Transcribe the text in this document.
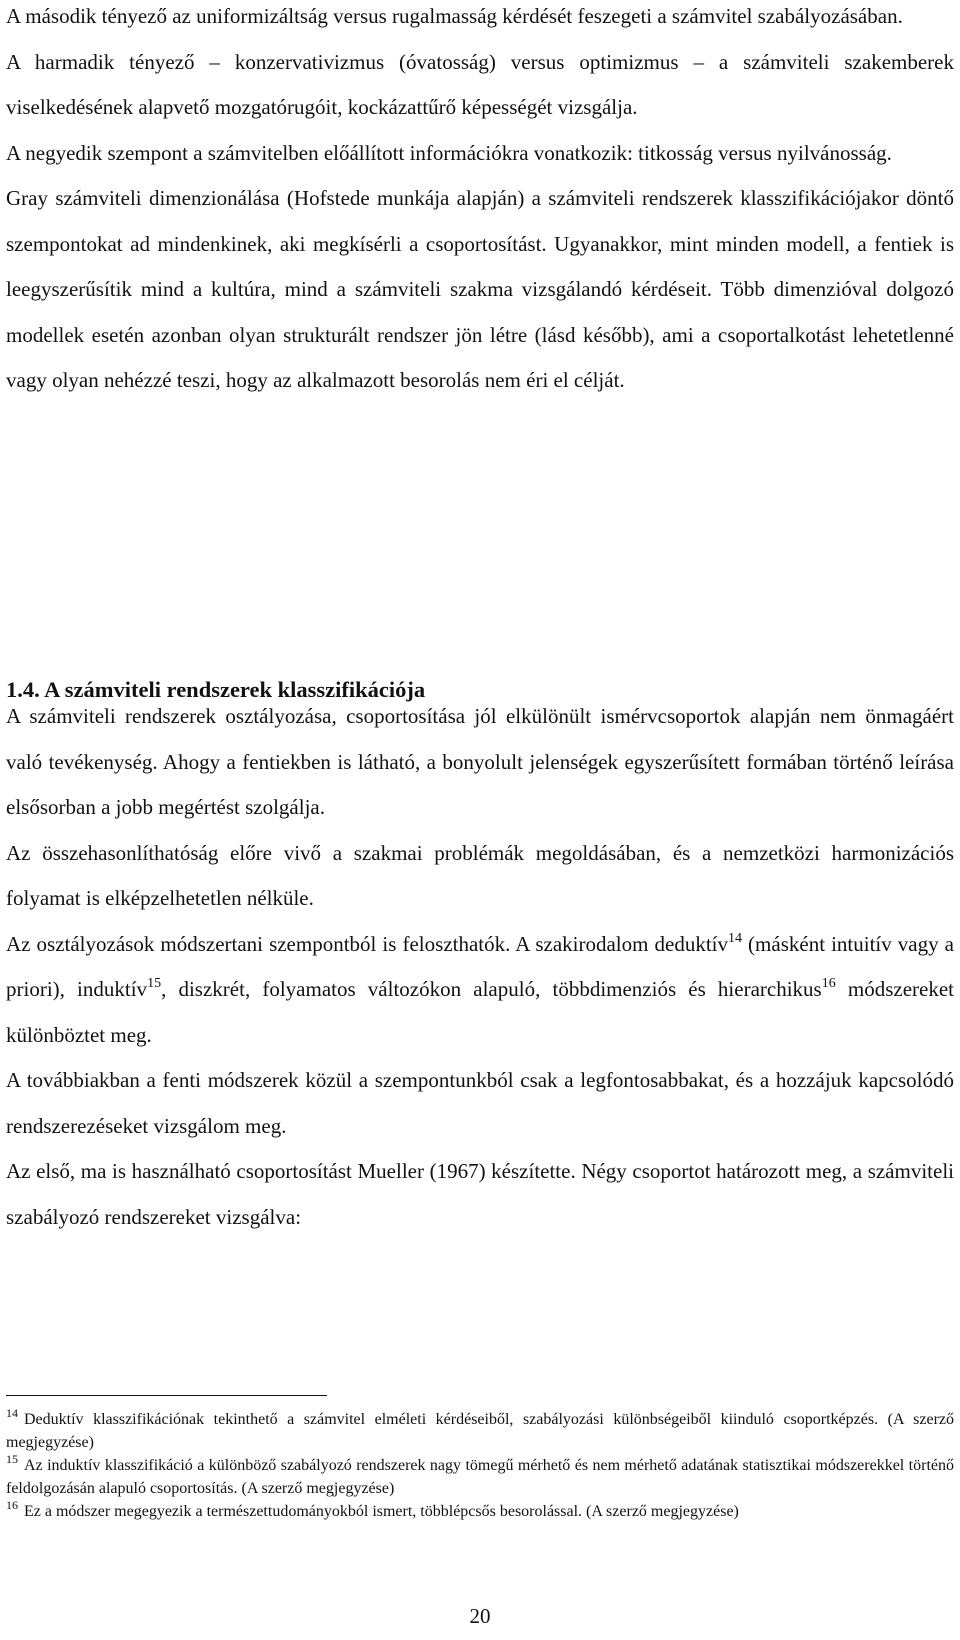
A második tényező az uniformizáltság versus rugalmasság kérdését feszegeti a számvitel szabályozásában.

A harmadik tényező – konzervativizmus (óvatosság) versus optimizmus – a számviteli szakemberek viselkedésének alapvető mozgatórugóit, kockázattűrő képességét vizsgálja.

A negyedik szempont a számvitelben előállított információkra vonatkozik: titkosság versus nyilvánosság.

Gray számviteli dimenzionálása (Hofstede munkája alapján) a számviteli rendszerek klasszifikációjakor döntő szempontokat ad mindenkinek, aki megkísérli a csoportosítást. Ugyanakkor, mint minden modell, a fentiek is leegyszerűsítik mind a kultúra, mind a számviteli szakma vizsgálandó kérdéseit. Több dimenzióval dolgozó modellek esetén azonban olyan strukturált rendszer jön létre (lásd később), ami a csoportalkotást lehetetlenné vagy olyan nehézzé teszi, hogy az alkalmazott besorolás nem éri el célját.

1.4. A számviteli rendszerek klasszifikációja

A számviteli rendszerek osztályozása, csoportosítása jól elkülönült ismérvcsoportok alapján nem önmagáért való tevékenység. Ahogy a fentiekben is látható, a bonyolult jelenségek egyszerűsített formában történő leírása elsősorban a jobb megértést szolgálja.

Az összehasonlíthatóság előre vivő a szakmai problémák megoldásában, és a nemzetközi harmonizációs folyamat is elképzelhetetlen nélküle.

Az osztályozások módszertani szempontból is feloszthatók. A szakirodalom deduktív$^{14}$ (másként intuitív vagy a priori), induktív$^{15}$, diszkrét, folyamatos változókon alapuló, többdimenziós és hierarchikus$^{16}$ módszereket különböztet meg.

A továbbiakban a fenti módszerek közül a szempontunkból csak a legfontosabbakat, és a hozzájuk kapcsolódó rendszerezéseket vizsgálom meg.

Az első, ma is használható csoportosítást Mueller (1967) készítette. Négy csoportot határozott meg, a számviteli szabályozó rendszereket vizsgálva:

$^{14}$ Deduktív klasszifikációnak tekinthető a számvitel elméleti kérdéseiből, szabályozási különbségeiből kiinduló csoportképzés. (A szerző megjegyzése)

$^{15}$ Az induktív klasszifikáció a különböző szabályozó rendszerek nagy tömegű mérhető és nem mérhető adatának statisztikai módszerekkel történő feldolgozásán alapuló csoportosítás. (A szerző megjegyzése)

$^{16}$ Ez a módszer megegyezik a természettudományokból ismert, többlépcsős besorolással. (A szerző megjegyzése)

20
